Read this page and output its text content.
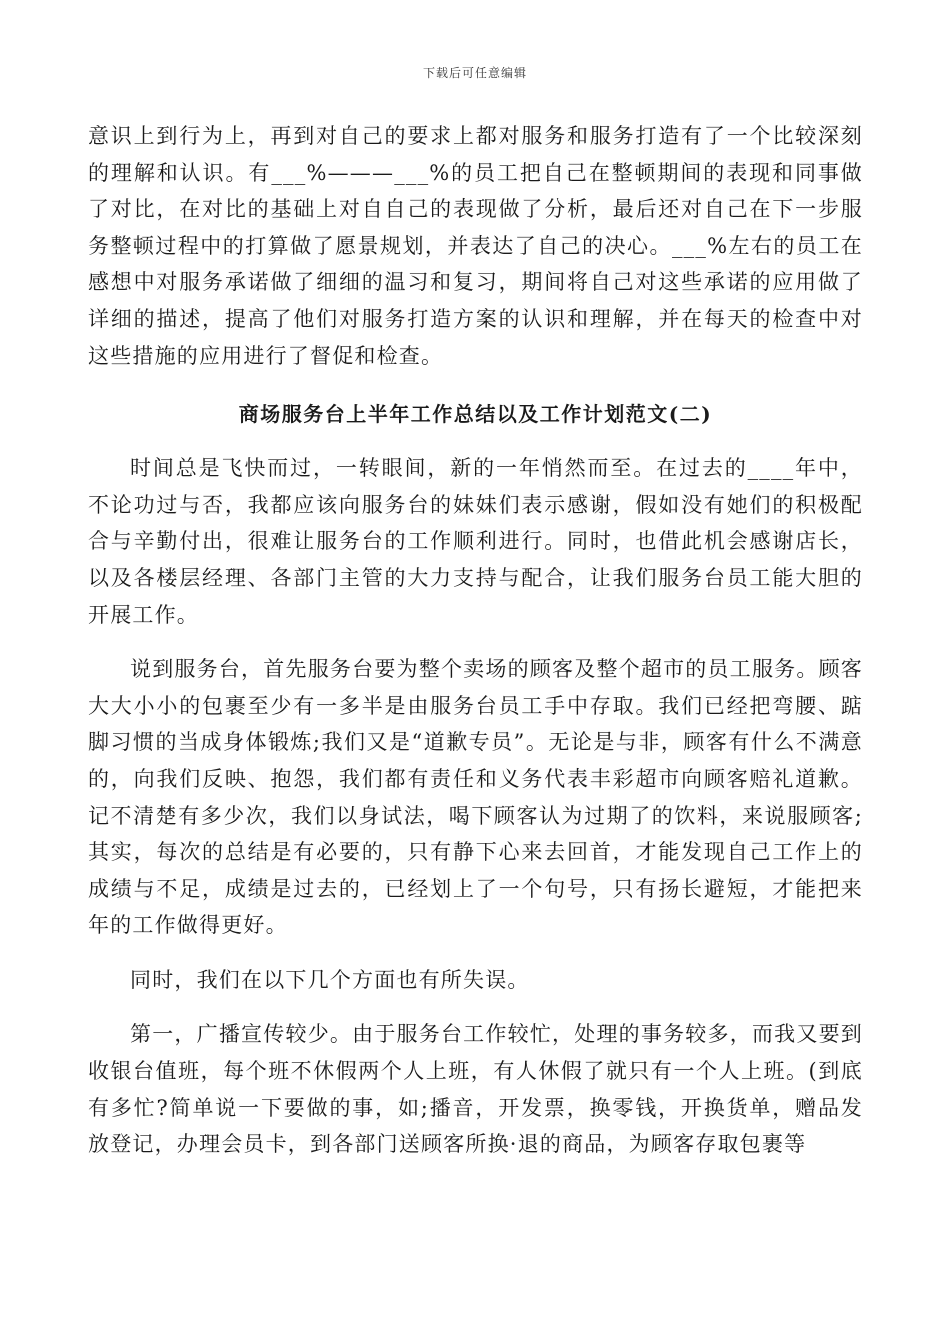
下载后可任意编辑

意识上到行为上，再到对自己的要求上都对服务和服务打造有了一个比较深刻的理解和认识。有___%———___%的员工把自己在整顿期间的表现和同事做了对比，在对比的基础上对自自己的表现做了分析，最后还对自己在下一步服务整顿过程中的打算做了愿景规划，并表达了自己的决心。___%左右的员工在感想中对服务承诺做了细细的温习和复习，期间将自己对这些承诺的应用做了详细的描述，提高了他们对服务打造方案的认识和理解，并在每天的检查中对这些措施的应用进行了督促和检查。

商场服务台上半年工作总结以及工作计划范文(二)

时间总是飞快而过，一转眼间，新的一年悄然而至。在过去的____年中，不论功过与否，我都应该向服务台的妹妹们表示感谢，假如没有她们的积极配合与辛勤付出，很难让服务台的工作顺利进行。同时，也借此机会感谢店长，以及各楼层经理、各部门主管的大力支持与配合，让我们服务台员工能大胆的开展工作。

说到服务台，首先服务台要为整个卖场的顾客及整个超市的员工服务。顾客大大小小的包裹至少有一多半是由服务台员工手中存取。我们已经把弯腰、踮脚习惯的当成身体锻炼;我们又是“道歉专员”。无论是与非，顾客有什么不满意的，向我们反映、抱怨，我们都有责任和义务代表丰彩超市向顾客赔礼道歉。记不清楚有多少次，我们以身试法，喝下顾客认为过期了的饮料，来说服顾客;其实，每次的总结是有必要的，只有静下心来去回首，才能发现自己工作上的成绩与不足，成绩是过去的，已经划上了一个句号，只有扬长避短，才能把来年的工作做得更好。

同时，我们在以下几个方面也有所失误。

第一，广播宣传较少。由于服务台工作较忙，处理的事务较多，而我又要到收银台值班，每个班不休假两个人上班，有人休假了就只有一个人上班。(到底有多忙?简单说一下要做的事，如;播音，开发票，换零钱，开换货单，赠品发放登记，办理会员卡，到各部门送顾客所换·退的商品，为顾客存取包裹等
